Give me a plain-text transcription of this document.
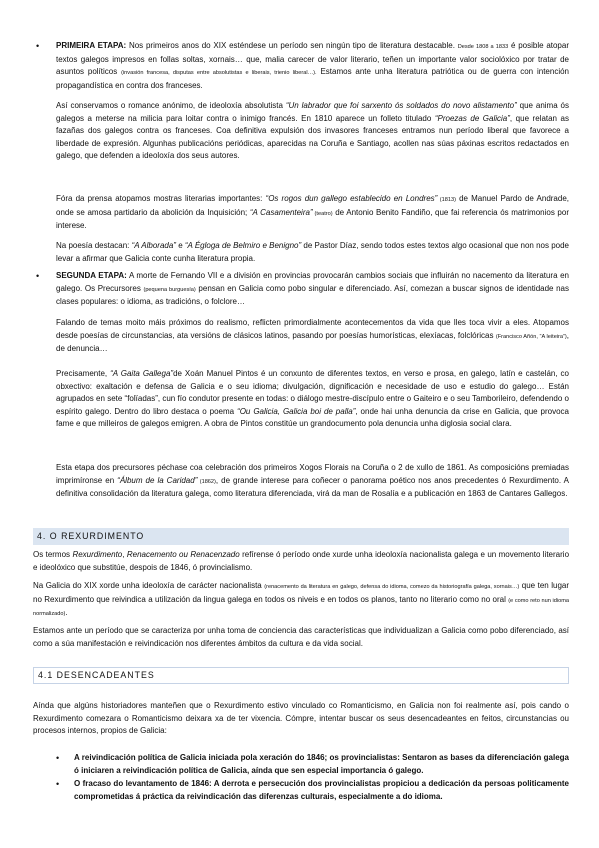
• PRIMEIRA ETAPA: Nos primeiros anos do XIX esténdese un período sen ningún tipo de literatura destacable. Desde 1808 a 1833 é posible atopar textos galegos impresos en follas soltas, xornais… que, malia carecer de valor literario, teñen un importante valor sociolóxico por tratar de asuntos políticos (invasión francesa, disputas entre absolutistas e liberais, trienio liberal…). Estamos ante unha literatura patriótica ou de guerra con intención propagandística en contra dos franceses.

Así conservamos o romance anónimo, de ideoloxía absolutista “Un labrador que foi sarxento ós soldados do novo alistamento” que anima ós galegos a meterse na milicia para loitar contra o inimigo francés. En 1810 aparece un folleto titulado “Proezas de Galicia”, que relatan as fazañas dos galegos contra os franceses. Coa definitiva expulsión dos invasores franceses entramos nun período liberal que favorece a liberdade de expresión. Algunhas publicacións periódicas, aparecidas na Coruña e Santiago, acollen nas súas páxinas escritos redactados en galego, que defenden a ideoloxía dos seus autores.

Fóra da prensa atopamos mostras literarias importantes: “Os rogos dun gallego establecido en Londres” (1813) de Manuel Pardo de Andrade, onde se amosa partidario da abolición da Inquisición; “A Casamenteira” (teatro) de Antonio Benito Fandiño, que fai referencia ós matrimonios por interese.

Na poesía destacan: “A Alborada” e “A Égloga de Belmiro e Benigno” de Pastor Díaz, sendo todos estes textos algo ocasional que non nos pode levar a afirmar que Galicia conte cunha literatura propia.

• SEGUNDA ETAPA: A morte de Fernando VII e a división en provincias provocarán cambios sociais que influirán no nacemento da literatura en galego. Os Precursores (pequena burguesía) pensan en Galicia como pobo singular e diferenciado. Así, comezan a buscar signos de identidade nas clases populares: o idioma, as tradicións, o folclore…

Falando de temas moito máis próximos do realismo, reflicten primordialmente acontecementos da vida que lles toca vivir a eles. Atopamos desde poesías de circunstancias, ata versións de clásicos latinos, pasando por poesías humorísticas, elexíacas, folclóricas (Francisco Añón, “A leiteira”), de denuncia…

Precisamente, “A Gaita Gallega”de Xoán Manuel Pintos é un conxunto de diferentes textos, en verso e prosa, en galego, latín e castelán, co obxectivo: exaltación e defensa de Galicia e o seu idioma; divulgación, dignificación e necesidade de uso e estudio do galego… Están agrupados en sete “folïadas”, cun fío condutor presente en todas: o diálogo mestre-discípulo entre o Gaiteiro e o seu Tamborileiro, defendendo o espírito galego. Dentro do libro destaca o poema “Ou Galicia, Galicia boi de palla”, onde hai unha denuncia da crise en Galicia, que provoca fame e que milleiros de galegos emigren. A obra de Pintos constitúe un grandocumento pola denuncia unha diglosia social clara.

Esta etapa dos precursores péchase coa celebración dos primeiros Xogos Florais na Coruña o 2 de xullo de 1861. As composicións premiadas imprimíronse en “Álbum de la Caridad” (1862), de grande interese para coñecer o panorama poético nos anos precedentes ó Rexurdimento. A definitiva consolidación da literatura galega, como literatura diferenciada, virá da man de Rosalía e a publicación en 1863 de Cantares Gallegos.

4. O REXURDIMENTO

Os termos Rexurdimento, Renacemento ou Renacenzado refírense ó período onde xurde unha ideoloxía nacionalista galega e un movemento literario e ideolóxico que substitúe, despois de 1846, ó provincialismo.

Na Galicia do XIX xorde unha ideoloxía de carácter nacionalista (renacemento da literatura en galego, defensa do idioma, comezo da historiografía galega, xornais…) que ten lugar no Rexurdimento que reivindica a utilización da lingua galega en todos os niveis e en todos os planos, tanto no literario como no oral (e como reto nun idioma normalizado).

Estamos ante un período que se caracteriza por unha toma de conciencia das características que individualizan a Galicia como pobo diferenciado, así como a súa manifestación e reivindicación nos diferentes ámbitos da cultura e da vida social.

4.1 DESENCADEANTES

Aínda que algúns historiadores manteñen que o Rexurdimento estivo vinculado co Romanticismo, en Galicia non foi realmente así, pois cando o Rexurdimento comezara o Romanticismo deixara xa de ter vixencia. Cómpre, intentar buscar os seus desencadeantes en feitos, circunstancias ou procesos internos, propios de Galicia:

• A reivindicación política de Galicia iniciada pola xeración do 1846; os provincialistas: Sentaron as bases da diferenciación galega ó iniciaren a reivindicación política de Galicia, aínda que sen especial importancia ó galego.

• O fracaso do levantamento de 1846: A derrota e persecución dos provincialistas propiciou a dedicación da persoas politicamente comprometidas á práctica da reivindicación das diferenzas culturais, especialmente a do idioma.
